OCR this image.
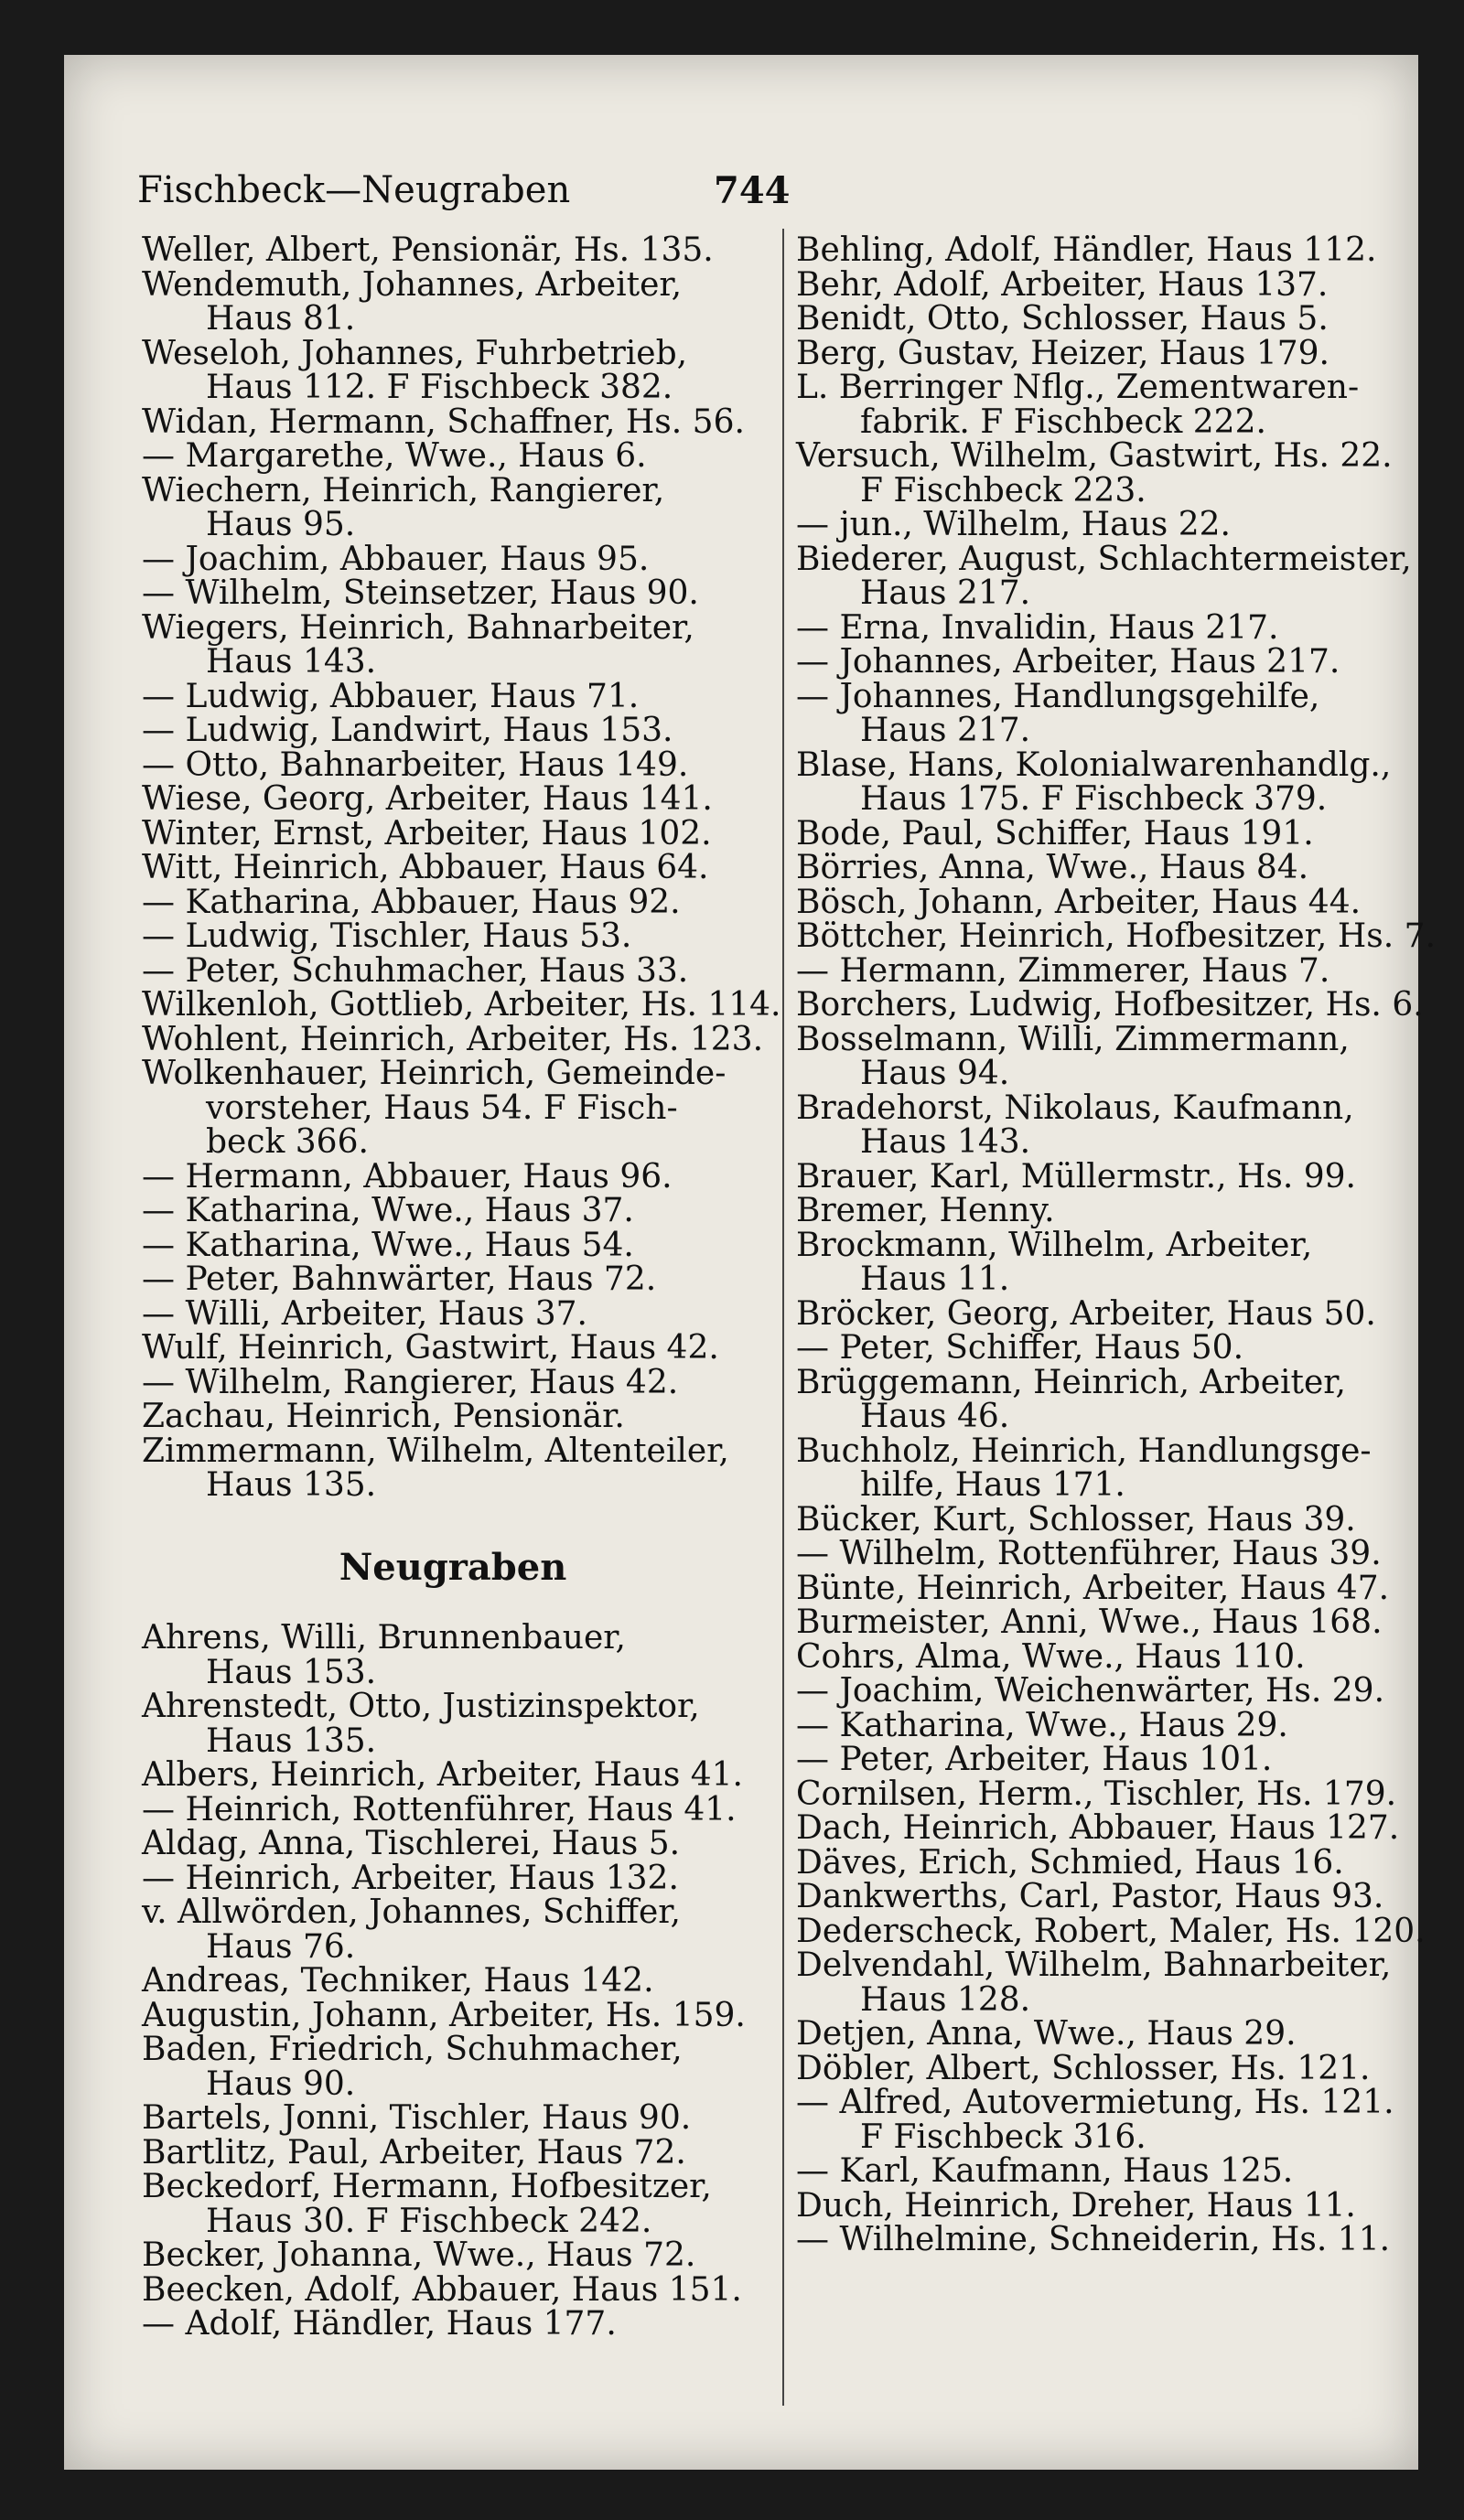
Fischbeck—Neugraben	744
Weller, Albert, Pensionär, Hs. 135.
Wendemuth, Johannes, Arbeiter,
Haus 81.
Weseloh, Johannes, Fuhrbetrieb,
Haus 112. F Fischbeck 382.
Widan, Hermann, Schaffner, Hs. 56.
— Margarethe, Wwe., Haus 6.
Wiechern, Heinrich, Rangierer,
Haus 95.
— Joachim, Abbauer, Haus 95.
— Wilhelm, Steinsetzer, Haus 90.
Wiegers, Heinrich, Bahnarbeiter,
Haus 143.
— Ludwig, Abbauer, Haus 71.
— Ludwig, Landwirt, Haus 153.
— Otto, Bahnarbeiter, Haus 149.
Wiese, Georg, Arbeiter, Haus 141.
Winter, Ernst, Arbeiter, Haus 102.
Witt, Heinrich, Abbauer, Haus 64.
— Katharina, Abbauer, Haus 92.
— Ludwig, Tischler, Haus 53.
— Peter, Schuhmacher, Haus 33.
Wilkenloh, Gottlieb, Arbeiter, Hs. 114.
Wohlent, Heinrich, Arbeiter, Hs. 123.
Wolkenhauer, Heinrich, Gemeinde-
vorsteher, Haus 54. F Fisch-
beck 366.
— Hermann, Abbauer, Haus 96.
— Katharina, Wwe., Haus 37.
— Katharina, Wwe., Haus 54.
— Peter, Bahnwärter, Haus 72.
— Willi, Arbeiter, Haus 37.
Wulf, Heinrich, Gastwirt, Haus 42.
— Wilhelm, Rangierer, Haus 42.
Zachau, Heinrich, Pensionär.
Zimmermann, Wilhelm, Altenteiler,
Haus 135.
Neugraben
Ahrens, Willi, Brunnenbauer,
Haus 153.
Ahrenstedt, Otto, Justizinspektor,
Haus 135.
Albers, Heinrich, Arbeiter, Haus 41.
— Heinrich, Rottenführer, Haus 41.
Aldag, Anna, Tischlerei, Haus 5.
— Heinrich, Arbeiter, Haus 132.
v. Allwörden, Johannes, Schiffer,
Haus 76.
Andreas, Techniker, Haus 142.
Augustin, Johann, Arbeiter, Hs. 159.
Baden, Friedrich, Schuhmacher,
Haus 90.
Bartels, Jonni, Tischler, Haus 90.
Bartlitz, Paul, Arbeiter, Haus 72.
Beckedorf, Hermann, Hofbesitzer,
Haus 30. F Fischbeck 242.
Becker, Johanna, Wwe., Haus 72.
Beecken, Adolf, Abbauer, Haus 151.
— Adolf, Händler, Haus 177.
Behling, Adolf, Händler, Haus 112.
Behr, Adolf, Arbeiter, Haus 137.
Benidt, Otto, Schlosser, Haus 5.
Berg, Gustav, Heizer, Haus 179.
L. Berringer Nflg., Zementwaren-
fabrik. F Fischbeck 222.
Versuch, Wilhelm, Gastwirt, Hs. 22.
F Fischbeck 223.
— jun., Wilhelm, Haus 22.
Biederer, August, Schlachtermeister,
Haus 217.
— Erna, Invalidin, Haus 217.
— Johannes, Arbeiter, Haus 217.
— Johannes, Handlungsgehilfe,
Haus 217.
Blase, Hans, Kolonialwarenhandlg.,
Haus 175. F Fischbeck 379.
Bode, Paul, Schiffer, Haus 191.
Börries, Anna, Wwe., Haus 84.
Bösch, Johann, Arbeiter, Haus 44.
Böttcher, Heinrich, Hofbesitzer, Hs. 7.
— Hermann, Zimmerer, Haus 7.
Borchers, Ludwig, Hofbesitzer, Hs. 6.
Bosselmann, Willi, Zimmermann,
Haus 94.
Bradehorst, Nikolaus, Kaufmann,
Haus 143.
Brauer, Karl, Müllermstr., Hs. 99.
Bremer, Henny.
Brockmann, Wilhelm, Arbeiter,
Haus 11.
Bröcker, Georg, Arbeiter, Haus 50.
— Peter, Schiffer, Haus 50.
Brüggemann, Heinrich, Arbeiter,
Haus 46.
Buchholz, Heinrich, Handlungsge-
hilfe, Haus 171.
Bücker, Kurt, Schlosser, Haus 39.
— Wilhelm, Rottenführer, Haus 39.
Bünte, Heinrich, Arbeiter, Haus 47.
Burmeister, Anni, Wwe., Haus 168.
Cohrs, Alma, Wwe., Haus 110.
— Joachim, Weichenwärter, Hs. 29.
— Katharina, Wwe., Haus 29.
— Peter, Arbeiter, Haus 101.
Cornilsen, Herm., Tischler, Hs. 179.
Dach, Heinrich, Abbauer, Haus 127.
Däves, Erich, Schmied, Haus 16.
Dankwerths, Carl, Pastor, Haus 93.
Dederscheck, Robert, Maler, Hs. 120.
Delvendahl, Wilhelm, Bahnarbeiter,
Haus 128.
Detjen, Anna, Wwe., Haus 29.
Döbler, Albert, Schlosser, Hs. 121.
— Alfred, Autovermietung, Hs. 121.
F Fischbeck 316.
— Karl, Kaufmann, Haus 125.
Duch, Heinrich, Dreher, Haus 11.
— Wilhelmine, Schneiderin, Hs. 11.
